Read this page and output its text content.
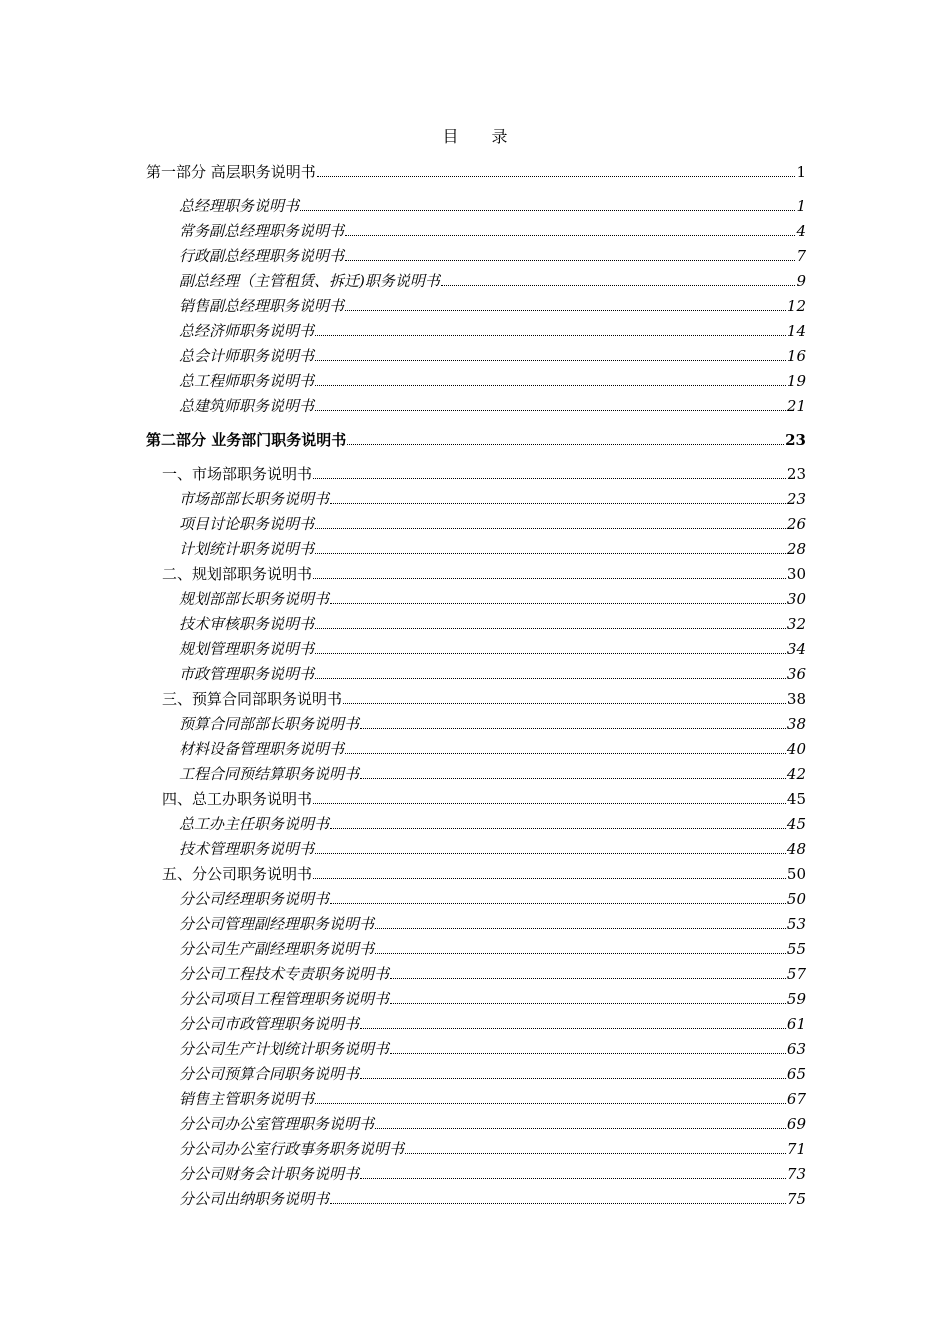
目 录
第一部分 高层职务说明书	1
总经理职务说明书	1
常务副总经理职务说明书	4
行政副总经理职务说明书	7
副总经理（主管租赁、拆迁)职务说明书	9
销售副总经理职务说明书	12
总经济师职务说明书	14
总会计师职务说明书	16
总工程师职务说明书	19
总建筑师职务说明书	21
第二部分 业务部门职务说明书	23
一、市场部职务说明书	23
市场部部长职务说明书	23
项目讨论职务说明书	26
计划统计职务说明书	28
二、规划部职务说明书	30
规划部部长职务说明书	30
技术审核职务说明书	32
规划管理职务说明书	34
市政管理职务说明书	36
三、预算合同部职务说明书	38
预算合同部部长职务说明书	38
材料设备管理职务说明书	40
工程合同预结算职务说明书	42
四、总工办职务说明书	45
总工办主任职务说明书	45
技术管理职务说明书	48
五、分公司职务说明书	50
分公司经理职务说明书	50
分公司管理副经理职务说明书	53
分公司生产副经理职务说明书	55
分公司工程技术专责职务说明书	57
分公司项目工程管理职务说明书	59
分公司市政管理职务说明书	61
分公司生产计划统计职务说明书	63
分公司预算合同职务说明书	65
销售主管职务说明书	67
分公司办公室管理职务说明书	69
分公司办公室行政事务职务说明书	71
分公司财务会计职务说明书	73
分公司出纳职务说明书	75
